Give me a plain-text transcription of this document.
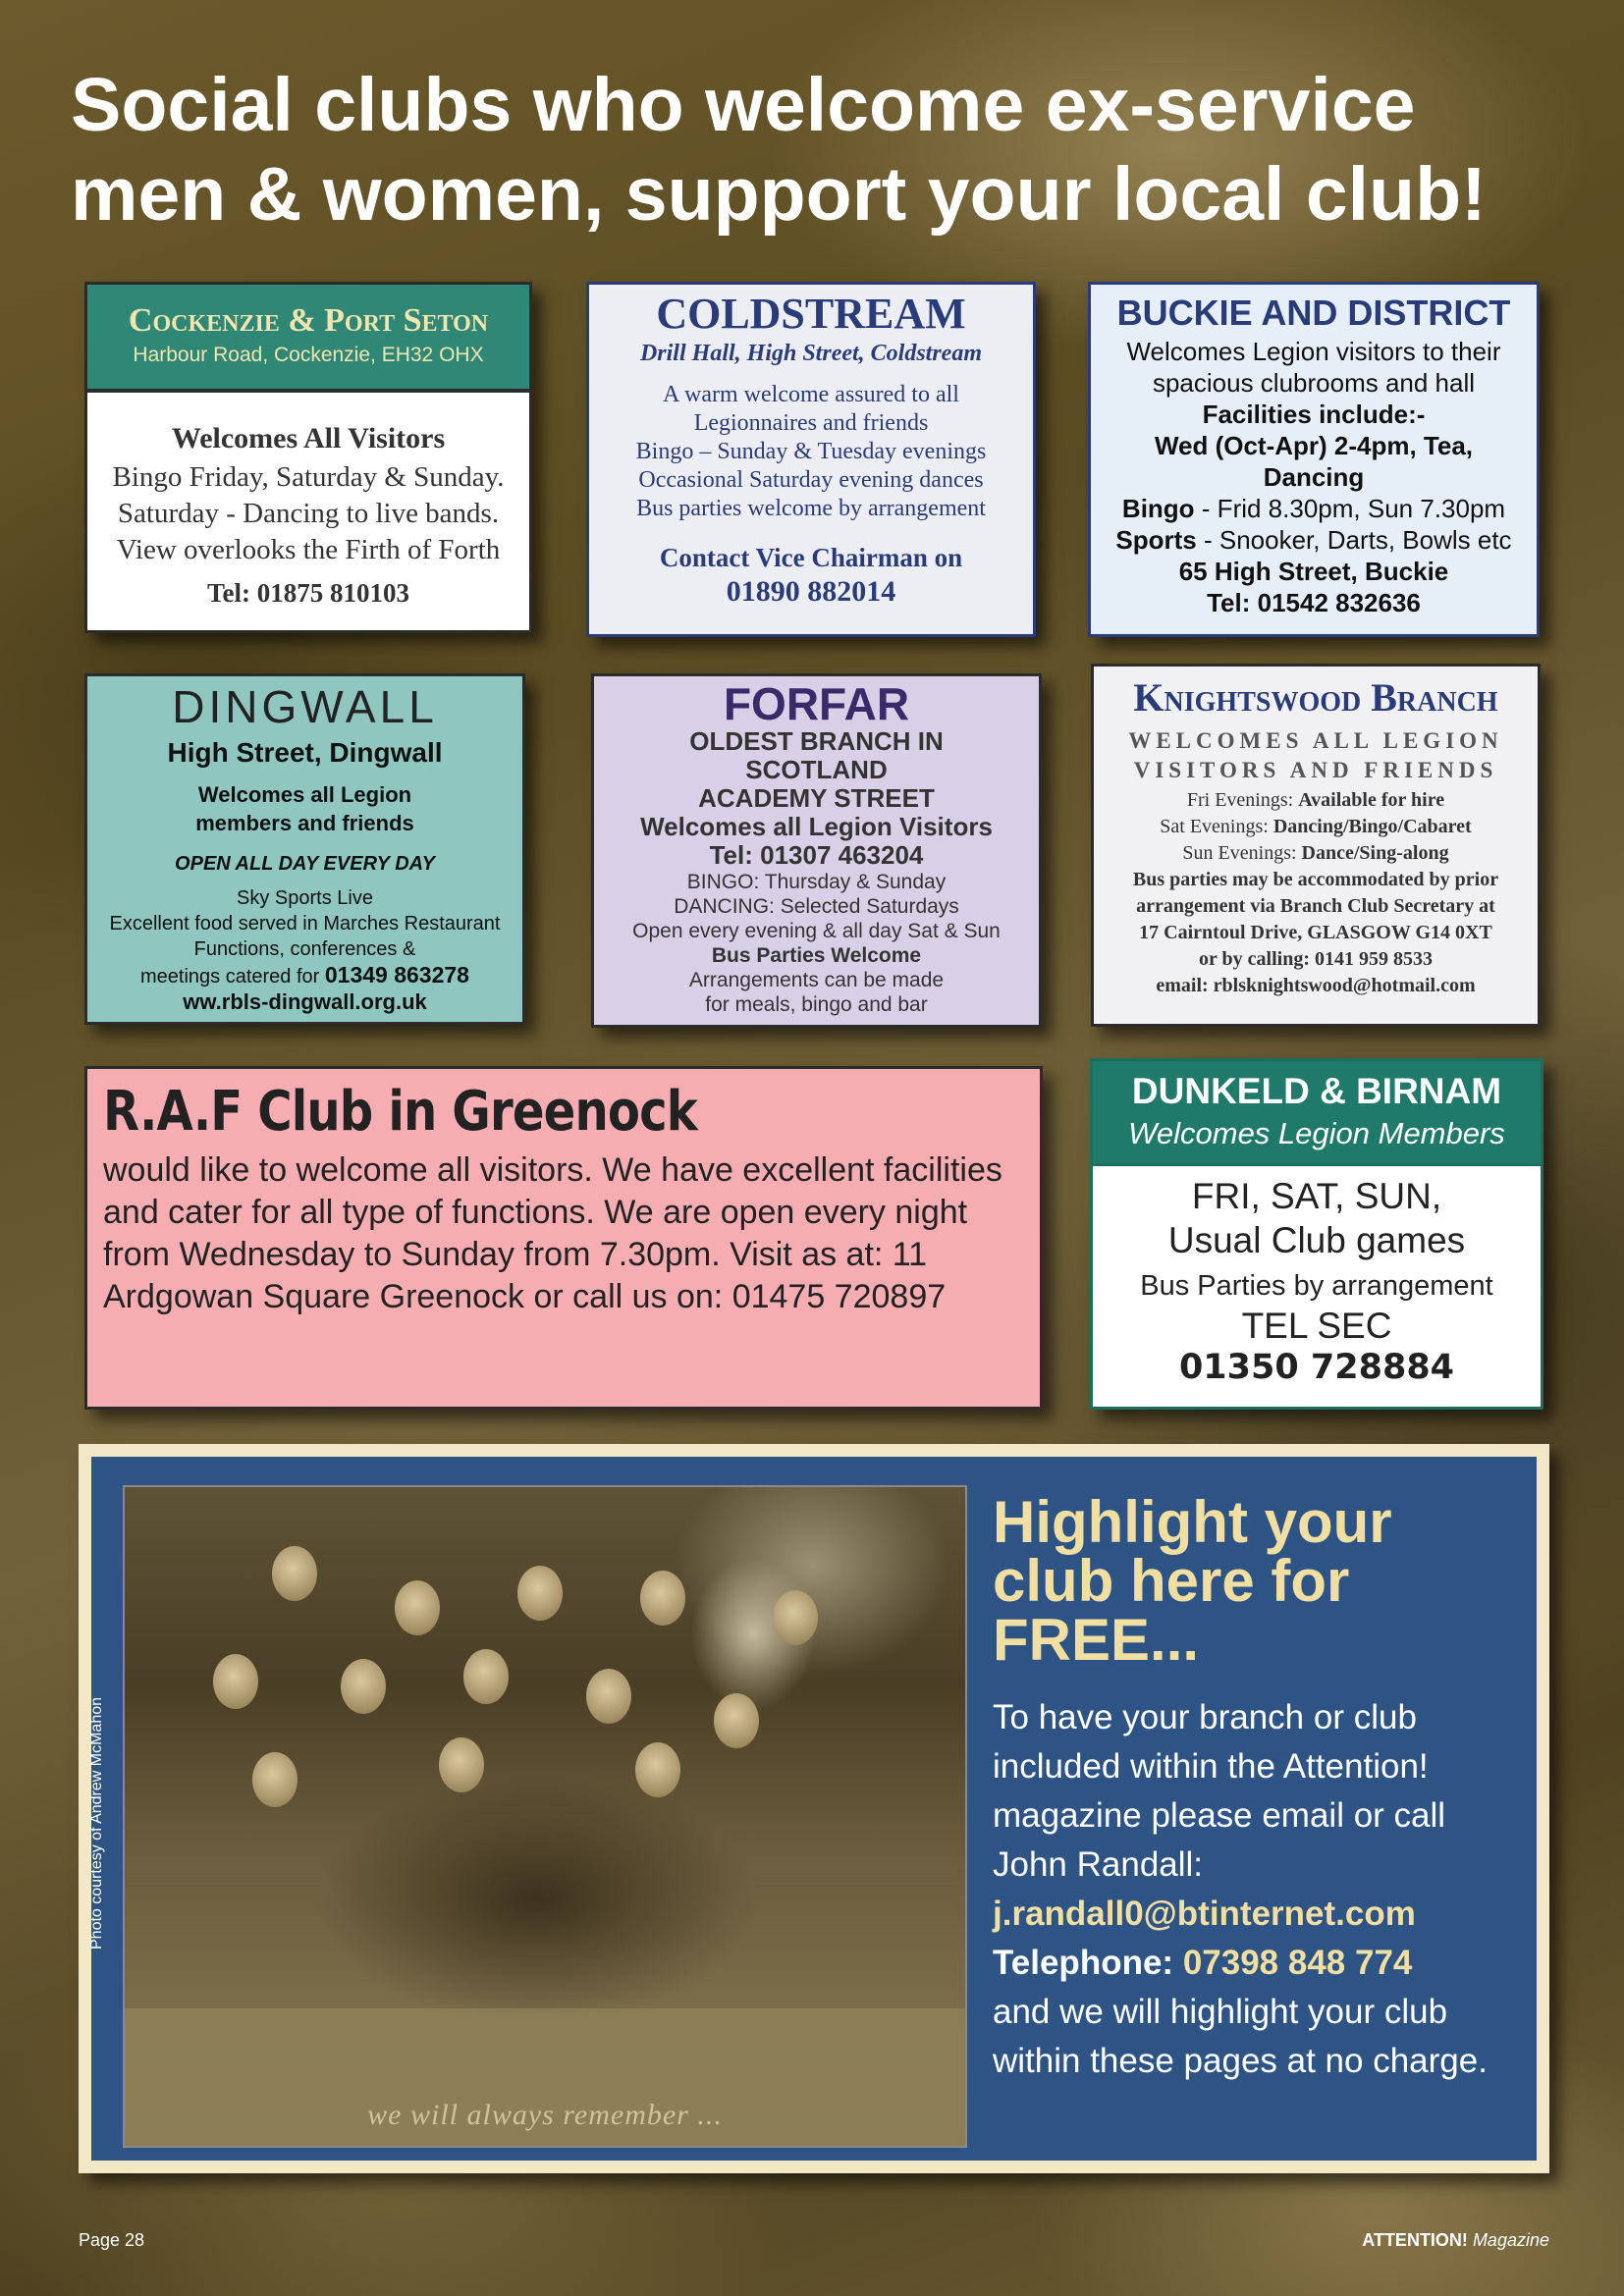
Social clubs who welcome ex-service
men & women, support your local club!
Cockenzie & Port Seton
Harbour Road, Cockenzie, EH32 OHX
Welcomes All Visitors
Bingo Friday, Saturday & Sunday.
Saturday - Dancing to live bands.
View overlooks the Firth of Forth
Tel: 01875 810103
COLDSTREAM
Drill Hall, High Street, Coldstream
A warm welcome assured to all
Legionnaires and friends
Bingo – Sunday & Tuesday evenings
Occasional Saturday evening dances
Bus parties welcome by arrangement
Contact Vice Chairman on
01890 882014
BUCKIE AND DISTRICT
Welcomes Legion visitors to their
spacious clubrooms and hall
Facilities include:-
Wed (Oct-Apr) 2-4pm, Tea,
Dancing
Bingo - Frid 8.30pm, Sun 7.30pm
Sports - Snooker, Darts, Bowls etc
65 High Street, Buckie
Tel: 01542 832636
DINGWALL
High Street, Dingwall
Welcomes all Legion
members and friends
OPEN ALL DAY EVERY DAY
Sky Sports Live
Excellent food served in Marches Restaurant
Functions, conferences &
meetings catered for 01349 863278
ww.rbls-dingwall.org.uk
FORFAR
OLDEST BRANCH IN
SCOTLAND
ACADEMY STREET
Welcomes all Legion Visitors
Tel: 01307 463204
BINGO: Thursday & Sunday
DANCING: Selected Saturdays
Open every evening & all day Sat & Sun
Bus Parties Welcome
Arrangements can be made
for meals, bingo and bar
Knightswood Branch
WELCOMES ALL LEGION
VISITORS AND FRIENDS
Fri Evenings: Available for hire
Sat Evenings: Dancing/Bingo/Cabaret
Sun Evenings: Dance/Sing-along
Bus parties may be accommodated by prior
arrangement via Branch Club Secretary at
17 Cairntoul Drive, GLASGOW G14 0XT
or by calling: 0141 959 8533
email: rblsknightswood@hotmail.com
R.A.F Club in Greenock
would like to welcome all visitors. We have excellent facilities and cater for all type of functions. We are open every night from Wednesday to Sunday from 7.30pm. Visit as at: 11 Ardgowan Square Greenock or call us on: 01475 720897
DUNKELD & BIRNAM
Welcomes Legion Members
FRI, SAT, SUN,
Usual Club games
Bus Parties by arrangement
TEL SEC
01350 728884
we will always remember ...
Photo courtesy of Andrew McMahon
Highlight your club here for FREE...

To have your branch or club included within the Attention! magazine please email or call John Randall:
j.randall0@btinternet.com
Telephone: 07398 848 774
and we will highlight your club within these pages at no charge.

Page 28	ATTENTION! Magazine
